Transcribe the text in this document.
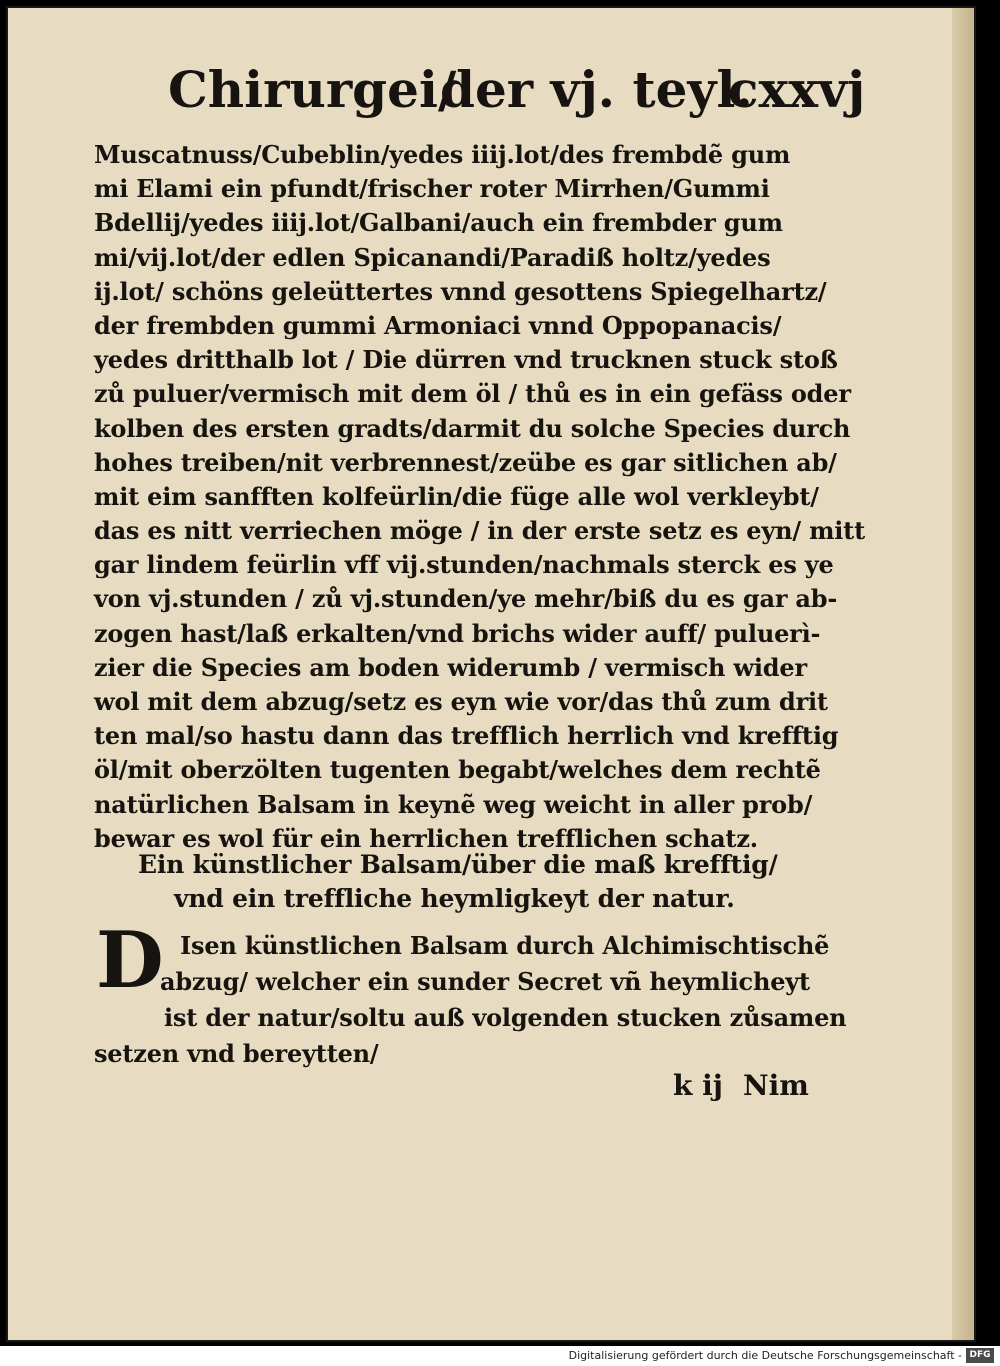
Chirurgei/
der vj. teyl.
cxxvj
Muscatnuss/Cubeblin/yedes iiij.lot/des frembdẽ gum
mi Elami ein pfundt/frischer roter Mirrhen/Gummi
Bdellij/yedes iiij.lot/Galbani/auch ein frembder gum
mi/vij.lot/der edlen Spicanandi/Paradiß holtz/yedes
ij.lot/ schöns geleüttertes vnnd gesottens Spiegelhartz/
der frembden gummi Armoniaci vnnd Oppopanacis/
yedes dritthalb lot / Die dürren vnd trucknen stuck stoß
zů puluer/vermisch mit dem öl / thů es in ein gefäss oder
kolben des ersten gradts/darmit du solche Species durch
hohes treiben/nit verbrennest/zeübe es gar sitlichen ab/
mit eim sanfften kolfeürlin/die füge alle wol verkleybt/
das es nitt verriechen möge / in der erste setz es eyn/ mitt
gar lindem feürlin vff vij.stunden/nachmals sterck es ye
von vj.stunden / zů vj.stunden/ye mehr/biß du es gar ab-
zogen hast/laß erkalten/vnd brichs wider auff/ puluerì-
zier die Species am boden widerumb / vermisch wider
wol mit dem abzug/setz es eyn wie vor/das thů zum drit
ten mal/so hastu dann das trefflich herrlich vnd krefftig
öl/mit oberzölten tugenten begabt/welches dem rechtẽ
natürlichen Balsam in keynẽ weg weicht in aller prob/
bewar es wol für ein herrlichen trefflichen schatz.
Ein künstlicher Balsam/über die maß krefftig/
vnd ein treffliche heymligkeyt der natur.
D Isen künstlichen Balsam durch Alchimischtischẽ
abzug/ welcher ein sunder Secret vñ heymlicheyt
ist der natur/soltu auß volgenden stucken zůsamen
setzen vnd bereytten/
k ij Nim
Digitalisierung gefördert durch die Deutsche Forschungsgemeinschaft - DFG
